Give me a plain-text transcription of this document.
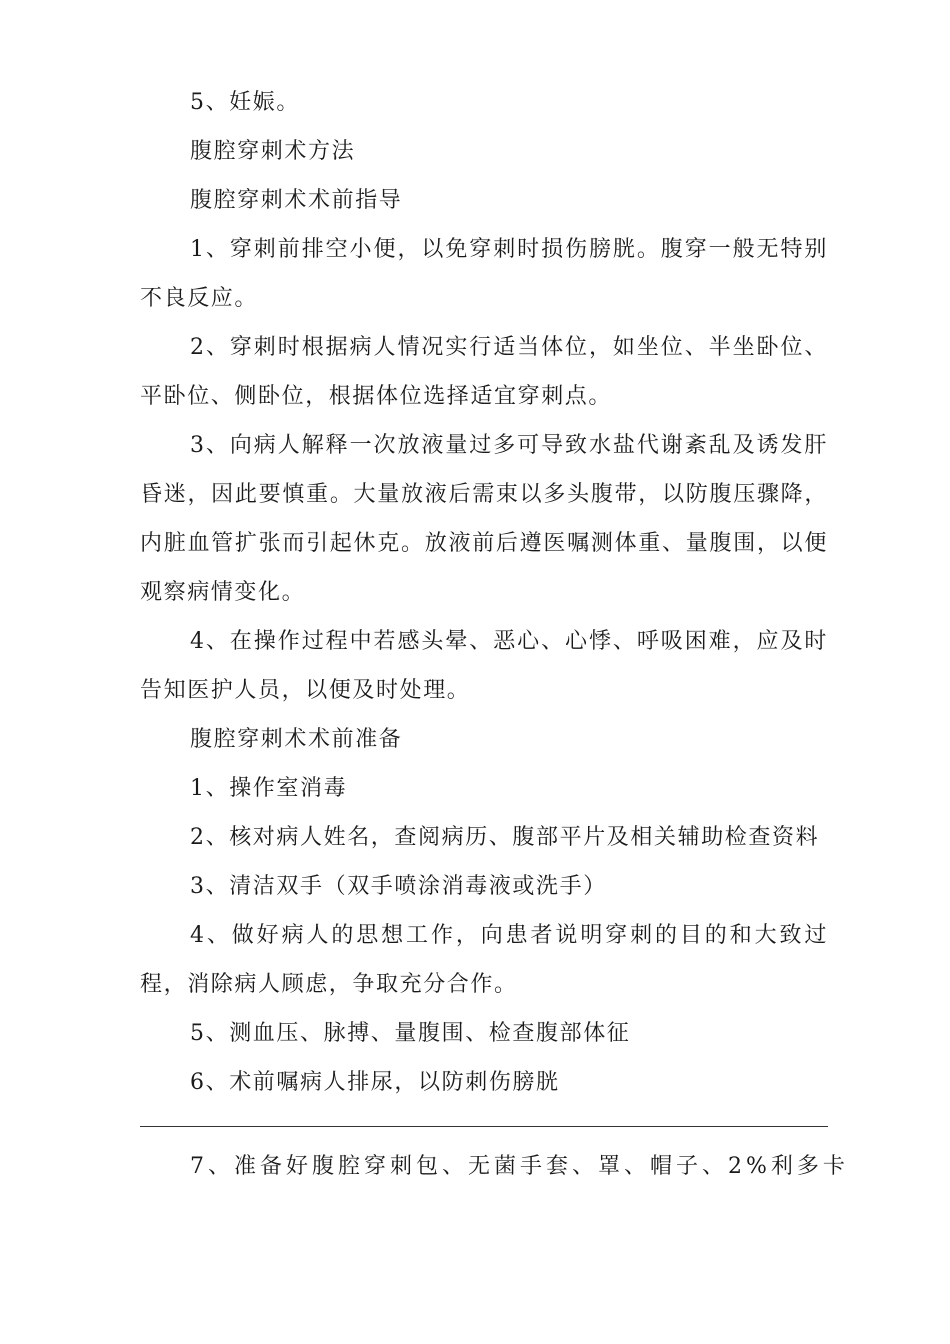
5、妊娠。

腹腔穿刺术方法

腹腔穿刺术术前指导

1、穿刺前排空小便，以免穿刺时损伤膀胱。腹穿一般无特别不良反应。

2、穿刺时根据病人情况实行适当体位，如坐位、半坐卧位、平卧位、侧卧位，根据体位选择适宜穿刺点。

3、向病人解释一次放液量过多可导致水盐代谢紊乱及诱发肝昏迷，因此要慎重。大量放液后需束以多头腹带，以防腹压骤降，内脏血管扩张而引起休克。放液前后遵医嘱测体重、量腹围，以便观察病情变化。

4、在操作过程中若感头晕、恶心、心悸、呼吸困难，应及时告知医护人员，以便及时处理。

腹腔穿刺术术前准备

1、操作室消毒

2、核对病人姓名，查阅病历、腹部平片及相关辅助检查资料

3、清洁双手（双手喷涂消毒液或洗手）

4、做好病人的思想工作，向患者说明穿刺的目的和大致过程，消除病人顾虑，争取充分合作。

5、测血压、脉搏、量腹围、检查腹部体征

6、术前嘱病人排尿，以防刺伤膀胱

7、准备好腹腔穿刺包、无菌手套、罩、帽子、2%利多卡
